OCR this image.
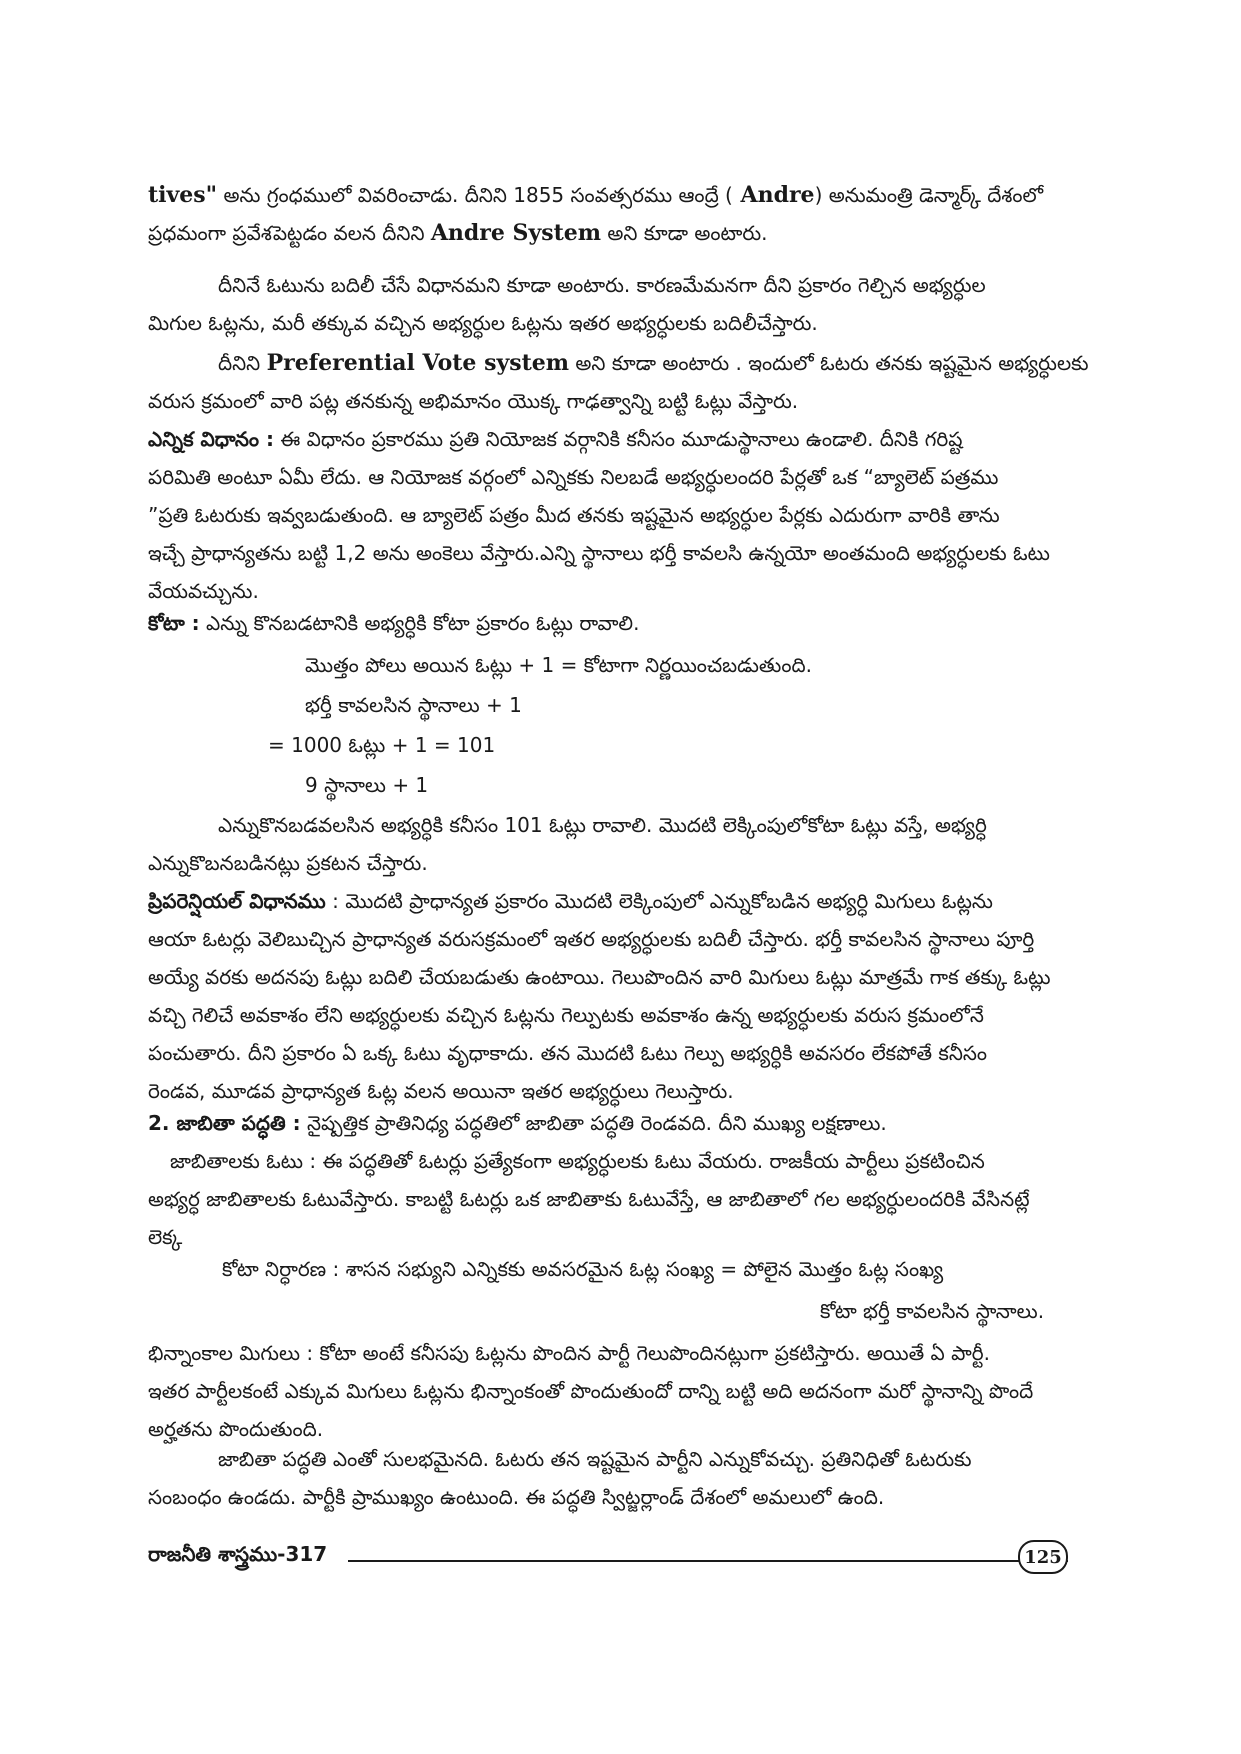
tives" అను గ్రంధములో వివరించాడు. దీనిని 1855 సంవత్సరము ఆంద్రే ( Andre) అనుమంత్రి డెన్మార్క్ దేశంలో
ప్రధమంగా ప్రవేశపెట్టడం వలన దీనిని Andre System అని కూడా అంటారు.
దీనినే ఓటును బదిలీ చేసే విధానమని కూడా అంటారు. కారణమేమనగా దీని ప్రకారం గెల్చిన అభ్యర్ధుల
మిగుల ఓట్లను, మరీ తక్కువ వచ్చిన అభ్యర్ధుల ఓట్లను ఇతర అభ్యర్ధులకు బదిలీచేస్తారు.
దీనిని Preferential Vote system అని కూడా అంటారు . ఇందులో ఓటరు తనకు ఇష్టమైన అభ్యర్ధులకు
వరుస క్రమంలో వారి పట్ల తనకున్న అభిమానం యొక్క గాఢత్వాన్ని బట్టి ఓట్లు వేస్తారు.
ఎన్నిక విధానం : ఈ విధానం ప్రకారము ప్రతి నియోజక వర్గానికి కనీసం మూడుస్థానాలు ఉండాలి. దీనికి గరిష్ట
పరిమితి అంటూ ఏమీ లేదు. ఆ నియోజక వర్గంలో ఎన్నికకు నిలబడే అభ్యర్ధులందరి పేర్లతో ఒక “బ్యాలెట్ పత్రము
”ప్రతి ఓటరుకు ఇవ్వబడుతుంది. ఆ బ్యాలెట్ పత్రం మీద తనకు ఇష్టమైన అభ్యర్ధుల పేర్లకు ఎదురుగా వారికి తాను
ఇచ్చే ప్రాధాన్యతను బట్టి 1,2 అను అంకెలు వేస్తారు.ఎన్ని స్థానాలు భర్తీ కావలసి ఉన్నయో అంతమంది అభ్యర్ధులకు ఓటు
వేయవచ్చును.
కోటా : ఎన్ను కొనబడటానికి అభ్యర్ధికి కోటా ప్రకారం ఓట్లు రావాలి.
మొత్తం పోలు అయిన ఓట్లు + 1 = కోటాగా నిర్ణయించబడుతుంది.
భర్తీ కావలసిన స్థానాలు + 1
= 1000 ఓట్లు + 1 = 101
9 స్థానాలు + 1
ఎన్నుకొనబడవలసిన అభ్యర్ధికి కనీసం 101 ఓట్లు రావాలి. మొదటి లెక్కింపులోకోటా ఓట్లు వస్తే, అభ్యర్ధి
ఎన్నుకొబనబడినట్లు ప్రకటన చేస్తారు.
ప్రిపరెన్షియల్ విధానము : మొదటి ప్రాధాన్యత ప్రకారం మొదటి లెక్కింపులో ఎన్నుకోబడిన అభ్యర్ధి మిగులు ఓట్లను
ఆయా ఓటర్లు వెలిబుచ్చిన ప్రాధాన్యత వరుసక్రమంలో ఇతర అభ్యర్ధులకు బదిలీ చేస్తారు. భర్తీ కావలసిన స్థానాలు పూర్తి
అయ్యే వరకు అదనపు ఓట్లు బదిలి చేయబడుతు ఉంటాయి. గెలుపొందిన వారి మిగులు ఓట్లు మాత్రమే గాక తక్కు ఓట్లు
వచ్చి గెలిచే అవకాశం లేని అభ్యర్ధులకు వచ్చిన ఓట్లను గెల్పుటకు అవకాశం ఉన్న అభ్యర్ధులకు వరుస క్రమంలోనే
పంచుతారు. దీని ప్రకారం ఏ ఒక్క ఓటు వృధాకాదు. తన మొదటి ఓటు గెల్పు అభ్యర్ధికి అవసరం లేకపోతే కనీసం
రెండవ, మూడవ ప్రాధాన్యత ఓట్ల వలన అయినా ఇతర అభ్యర్ధులు గెలుస్తారు.
2. జాబితా పద్ధతి : నైష్పత్తిక ప్రాతినిధ్య పద్ధతిలో జాబితా పద్ధతి రెండవది. దీని ముఖ్య లక్షణాలు.
జాబితాలకు ఓటు : ఈ పద్ధతితో ఓటర్లు ప్రత్యేకంగా అభ్యర్ధులకు ఓటు వేయరు. రాజకీయ పార్టీలు ప్రకటించిన
అభ్యర్ధ జాబితాలకు ఓటువేస్తారు. కాబట్టి ఓటర్లు ఒక జాబితాకు ఓటువేస్తే, ఆ జాబితాలో గల అభ్యర్ధులందరికి వేసినట్లే
లెక్క
కోటా నిర్ధారణ : శాసన సభ్యుని ఎన్నికకు అవసరమైన ఓట్ల సంఖ్య = పోలైన మొత్తం ఓట్ల సంఖ్య
కోటా భర్తీ కావలసిన స్థానాలు.
భిన్నాంకాల మిగులు : కోటా అంటే కనీసపు ఓట్లను పొందిన పార్టీ గెలుపొందినట్లుగా ప్రకటిస్తారు. అయితే ఏ పార్టీ.
ఇతర పార్టీలకంటే ఎక్కువ మిగులు ఓట్లను భిన్నాంకంతో పొందుతుందో దాన్ని బట్టి అది అదనంగా మరో స్థానాన్ని పొందే
అర్హతను పొందుతుంది.
జాబితా పద్ధతి ఎంతో సులభమైనది. ఓటరు తన ఇష్టమైన పార్టీని ఎన్నుకోవచ్చు. ప్రతినిధితో ఓటరుకు
సంబంధం ఉండదు. పార్టీకి ప్రాముఖ్యం ఉంటుంది. ఈ పద్ధతి స్విట్జర్లాండ్ దేశంలో అమలులో ఉంది.
రాజనీతి శాస్త్రము-317	125
